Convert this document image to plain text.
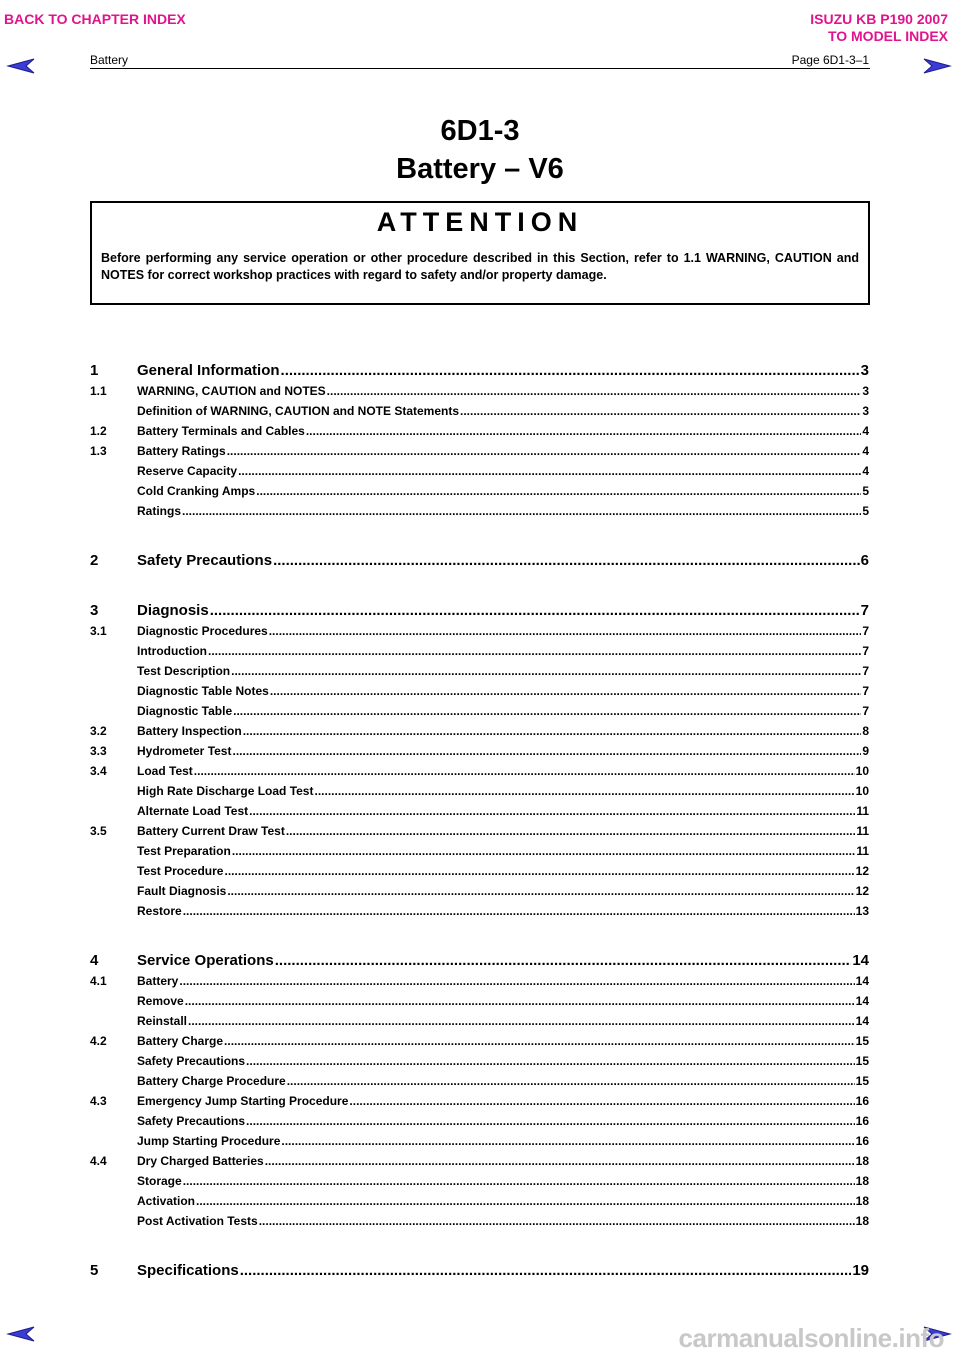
BACK TO CHAPTER INDEX	ISUZU KB P190 2007
TO MODEL INDEX
Battery	Page 6D1-3–1
6D1-3
Battery – V6
ATTENTION
Before performing any service operation or other procedure described in this Section, refer to 1.1 WARNING, CAUTION and NOTES for correct workshop practices with regard to safety and/or property damage.
1	General Information .....	3
1.1	WARNING, CAUTION and NOTES .....	3
Definition of WARNING, CAUTION and NOTE Statements .....	3
1.2	Battery Terminals and Cables .....	4
1.3	Battery Ratings .....	4
Reserve Capacity .....	4
Cold Cranking Amps .....	5
Ratings .....	5
2	Safety Precautions .....	6
3	Diagnosis .....	7
3.1	Diagnostic Procedures .....	7
Introduction .....	7
Test Description .....	7
Diagnostic Table Notes .....	7
Diagnostic Table .....	7
3.2	Battery Inspection .....	8
3.3	Hydrometer Test .....	9
3.4	Load Test .....	10
High Rate Discharge Load Test .....	10
Alternate Load Test .....	11
3.5	Battery Current Draw Test .....	11
Test Preparation .....	11
Test Procedure .....	12
Fault Diagnosis .....	12
Restore .....	13
4	Service Operations .....	14
4.1	Battery .....	14
Remove .....	14
Reinstall .....	14
4.2	Battery Charge .....	15
Safety Precautions .....	15
Battery Charge Procedure .....	15
4.3	Emergency Jump Starting Procedure .....	16
Safety Precautions .....	16
Jump Starting Procedure .....	16
4.4	Dry Charged Batteries .....	18
Storage .....	18
Activation .....	18
Post Activation Tests .....	18
5	Specifications .....	19
carmanualsonline.info
